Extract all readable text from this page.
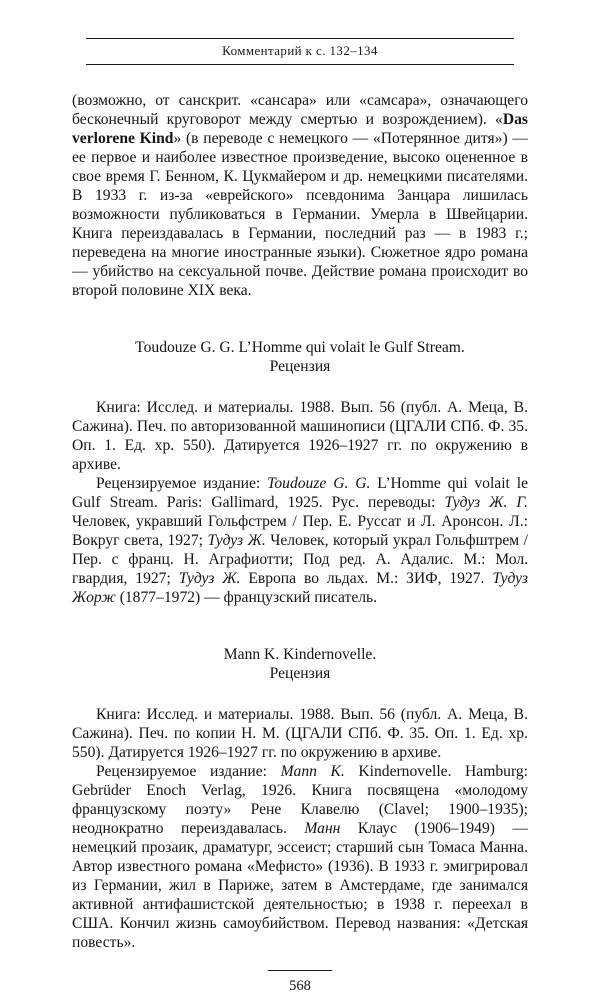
Комментарий к с. 132–134

(возможно, от санскрит. «сансара» или «самсара», означающего бесконечный круговорот между смертью и возрождением). «Das verlorene Kind» (в переводе с немецкого — «Потерянное дитя») — ее первое и наиболее известное произведение, высоко оцененное в свое время Г. Бенном, К. Цукмайером и др. немецкими писателями. В 1933 г. из-за «еврейского» псевдонима Занцара лишилась возможности публиковаться в Германии. Умерла в Швейцарии. Книга переиздавалась в Германии, последний раз — в 1983 г.; переведена на многие иностранные языки). Сюжетное ядро романа — убийство на сексуальной почве. Действие романа происходит во второй половине XIX века.

Toudouze G. G. L’Homme qui volait le Gulf Stream.
Рецензия

Книга: Исслед. и материалы. 1988. Вып. 56 (публ. А. Меца, В. Сажина). Печ. по авторизованной машинописи (ЦГАЛИ СПб. Ф. 35. Оп. 1. Ед. хр. 550). Датируется 1926–1927 гг. по окружению в архиве.

Рецензируемое издание: Toudouze G. G. L’Homme qui volait le Gulf Stream. Paris: Gallimard, 1925. Рус. переводы: Тудуз Ж. Г. Человек, укравший Гольфстрем / Пер. Е. Руссат и Л. Аронсон. Л.: Вокруг света, 1927; Тудуз Ж. Человек, который украл Гольфштрем / Пер. с франц. Н. Аграфиотти; Под ред. А. Адалис. М.: Мол. гвардия, 1927; Тудуз Ж. Европа во льдах. М.: ЗИФ, 1927. Тудуз Жорж (1877–1972) — французский писатель.

Mann K. Kindernovelle.
Рецензия

Книга: Исслед. и материалы. 1988. Вып. 56 (публ. А. Меца, В. Сажина). Печ. по копии Н. М. (ЦГАЛИ СПб. Ф. 35. Оп. 1. Ед. хр. 550). Датируется 1926–1927 гг. по окружению в архиве.

Рецензируемое издание: Mann K. Kindernovelle. Hamburg: Gebrüder Enoch Verlag, 1926. Книга посвящена «молодому французскому поэту» Рене Клавелю (Clavel; 1900–1935); неоднократно переиздавалась. Манн Клаус (1906–1949) — немецкий прозаик, драматург, эссеист; старший сын Томаса Манна. Автор известного романа «Мефисто» (1936). В 1933 г. эмигрировал из Германии, жил в Париже, затем в Амстердаме, где занимался активной антифашистской деятельностью; в 1938 г. переехал в США. Кончил жизнь самоубийством. Перевод названия: «Детская повесть».

568
